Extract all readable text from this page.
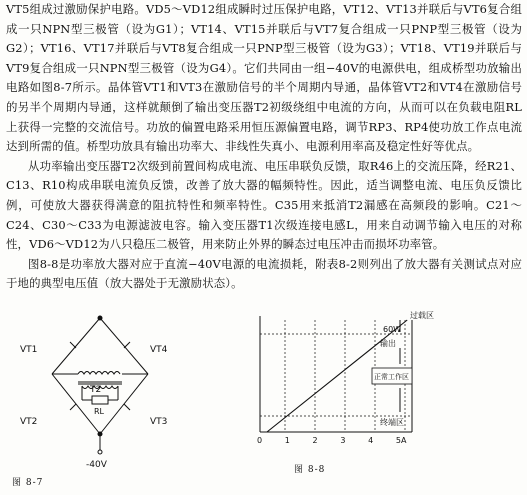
VT5组成过激励保护电路。VD5～VD12组成瞬时过压保护电路，VT12、VT13并联后与VT6复合组成一只NPN型三极管（设为G1）；VT14、VT15并联后与VT7复合组成一只PNP型三极管（设为G2）；VT16、VT17并联后与VT8复合组成一只PNP型三极管（设为G3）；VT18、VT19并联后与VT9复合组成一只NPN型三极管（设为G4）。它们共同由一组−40V的电源供电，组成桥型功放输出电路如图8-7所示。晶体管VT1和VT3在激励信号的半个周期内导通，晶体管VT2和VT4在激励信号的另半个周期内导通，这样就颠倒了输出变压器T2初级绕组中电流的方向，从而可以在负载电阻RL上获得一完整的交流信号。功放的偏置电路采用恒压源偏置电路，调节RP3、RP4使功放工作点电流达到所需的值。桥型功放具有输出功率大、非线性失真小、电源利用率高及稳定性好等优点。

从功率输出变压器T2次级到前置间构成电流、电压串联负反馈，取R46上的交流压降，经R21、C13、R10构成串联电流负反馈，改善了放大器的幅频特性。因此，适当调整电流、电压负反馈比例，可使放大器获得满意的阻抗特性和频率特性。C35用来抵消T2漏感在高频段的影响。C21～C24、C30～C33为电源滤波电容。输入变压器T1次级连接电感L，用来自动调节输入电压的对称性，VD6～VD12为八只稳压二极管，用来防止外界的瞬态过电压冲击而损坏功率管。

图8-8是功率放大器对应于直流−40V电源的电流损耗，附表8-2则列出了放大器有关测试点对应于地的典型电压值（放大器处于无激励状态）。

VT1	VT4
T2
RL
VT2	VT3
-40V
图 8-7
0	1	2	3	4	5A
过载区
60W
输出
正常工作区
终端区
图 8-8
